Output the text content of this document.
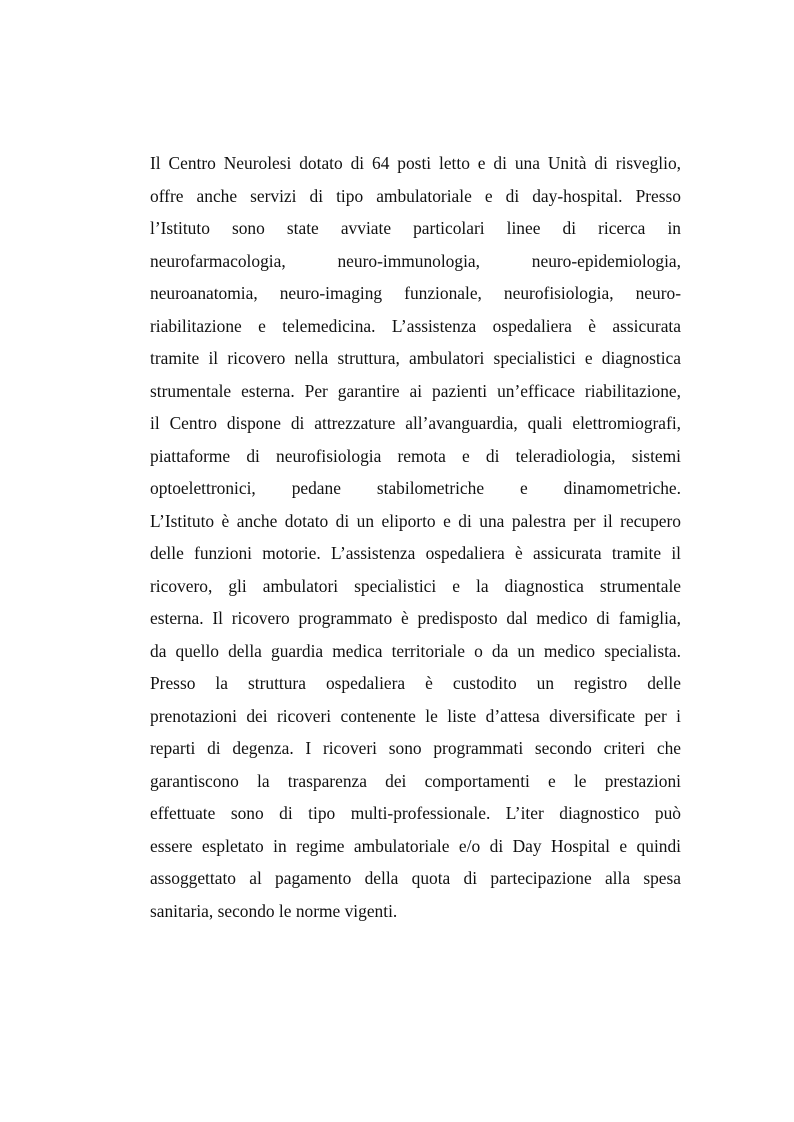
Il Centro Neurolesi dotato di 64 posti letto e di una Unità di risveglio,
offre anche servizi di tipo ambulatoriale e di day-hospital. Presso
l’Istituto sono state avviate particolari linee di ricerca in
neurofarmacologia, neuro-immunologia, neuro-epidemiologia,
neuroanatomia, neuro-imaging funzionale, neurofisiologia, neuro-
riabilitazione e telemedicina. L’assistenza ospedaliera è assicurata
tramite il ricovero nella struttura, ambulatori specialistici e diagnostica
strumentale esterna. Per garantire ai pazienti un’efficace riabilitazione,
il Centro dispone di attrezzature all’avanguardia, quali elettromiografi,
piattaforme di neurofisiologia remota e di teleradiologia, sistemi
optoelettronici, pedane stabilometriche e dinamometriche.
L’Istituto è anche dotato di un eliporto e di una palestra per il recupero
delle funzioni motorie. L’assistenza ospedaliera è assicurata tramite il
ricovero, gli ambulatori specialistici e la diagnostica strumentale
esterna. Il ricovero programmato è predisposto dal medico di famiglia,
da quello della guardia medica territoriale o da un medico specialista.
Presso la struttura ospedaliera è custodito un registro delle
prenotazioni dei ricoveri contenente le liste d’attesa diversificate per i
reparti di degenza. I ricoveri sono programmati secondo criteri che
garantiscono la trasparenza dei comportamenti e le prestazioni
effettuate sono di tipo multi-professionale. L’iter diagnostico può
essere espletato in regime ambulatoriale e/o di Day Hospital e quindi
assoggettato al pagamento della quota di partecipazione alla spesa
sanitaria, secondo le norme vigenti.
